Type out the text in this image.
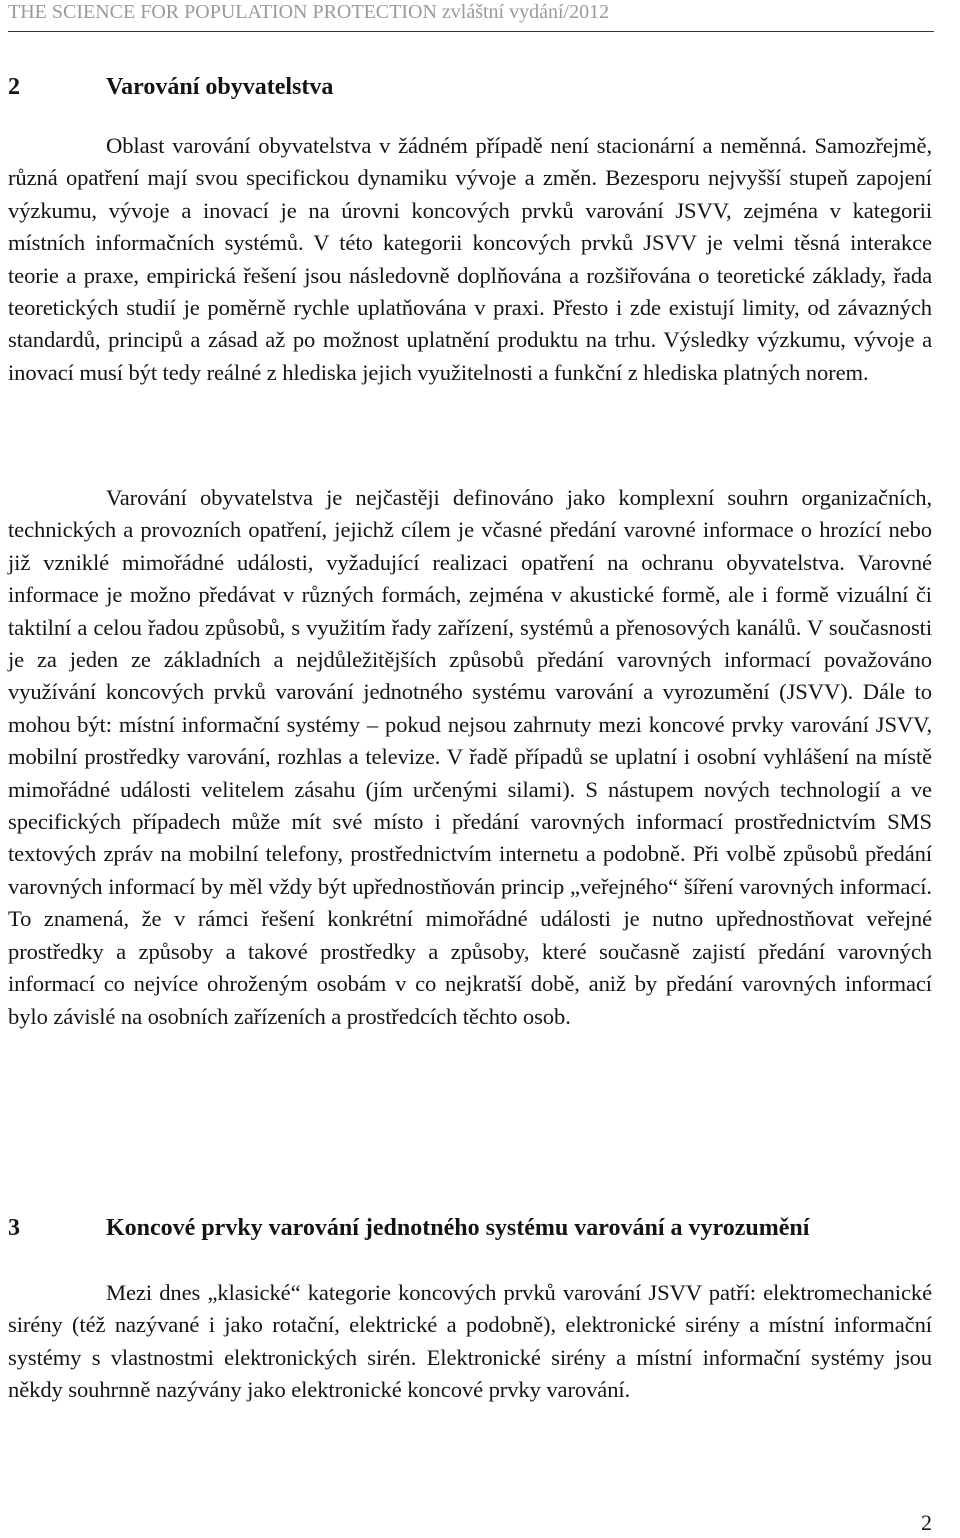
THE SCIENCE FOR POPULATION PROTECTION zvláštní vydání/2012
2	Varování obyvatelstva

Oblast varování obyvatelstva v žádném případě není stacionární a neměnná. Samozřejmě, různá opatření mají svou specifickou dynamiku vývoje a změn. Bezesporu nejvyšší stupeň zapojení výzkumu, vývoje a inovací je na úrovni koncových prvků varování JSVV, zejména v kategorii místních informačních systémů. V této kategorii koncových prvků JSVV je velmi těsná interakce teorie a praxe, empirická řešení jsou následovně doplňována a rozšiřována o teoretické základy, řada teoretických studií je poměrně rychle uplatňována v praxi. Přesto i zde existují limity, od závazných standardů, principů a zásad až po možnost uplatnění produktu na trhu. Výsledky výzkumu, vývoje a inovací musí být tedy reálné z hlediska jejich využitelnosti a funkční z hlediska platných norem.

Varování obyvatelstva je nejčastěji definováno jako komplexní souhrn organizačních, technických a provozních opatření, jejichž cílem je včasné předání varovné informace o hrozící nebo již vzniklé mimořádné události, vyžadující realizaci opatření na ochranu obyvatelstva. Varovné informace je možno předávat v různých formách, zejména v akustické formě, ale i formě vizuální či taktilní a celou řadou způsobů, s využitím řady zařízení, systémů a přenosových kanálů. V současnosti je za jeden ze základních a nejdůležitějších způsobů předání varovných informací považováno využívání koncových prvků varování jednotného systému varování a vyrozumění (JSVV). Dále to mohou být: místní informační systémy – pokud nejsou zahrnuty mezi koncové prvky varování JSVV, mobilní prostředky varování, rozhlas a televize. V řadě případů se uplatní i osobní vyhlášení na místě mimořádné události velitelem zásahu (jím určenými silami). S nástupem nových technologií a ve specifických případech může mít své místo i předání varovných informací prostřednictvím SMS textových zpráv na mobilní telefony, prostřednictvím internetu a podobně. Při volbě způsobů předání varovných informací by měl vždy být upřednostňován princip „veřejného“ šíření varovných informací. To znamená, že v rámci řešení konkrétní mimořádné události je nutno upřednostňovat veřejné prostředky a způsoby a takové prostředky a způsoby, které současně zajistí předání varovných informací co nejvíce ohroženým osobám v co nejkratší době, aniž by předání varovných informací bylo závislé na osobních zařízeních a prostředcích těchto osob.

3	Koncové prvky varování jednotného systému varování a vyrozumění

Mezi dnes „klasické“ kategorie koncových prvků varování JSVV patří: elektromechanické sirény (též nazývané i jako rotační, elektrické a podobně), elektronické sirény a místní informační systémy s vlastnostmi elektronických sirén. Elektronické sirény a místní informační systémy jsou někdy souhrnně nazývány jako elektronické koncové prvky varování.

2
